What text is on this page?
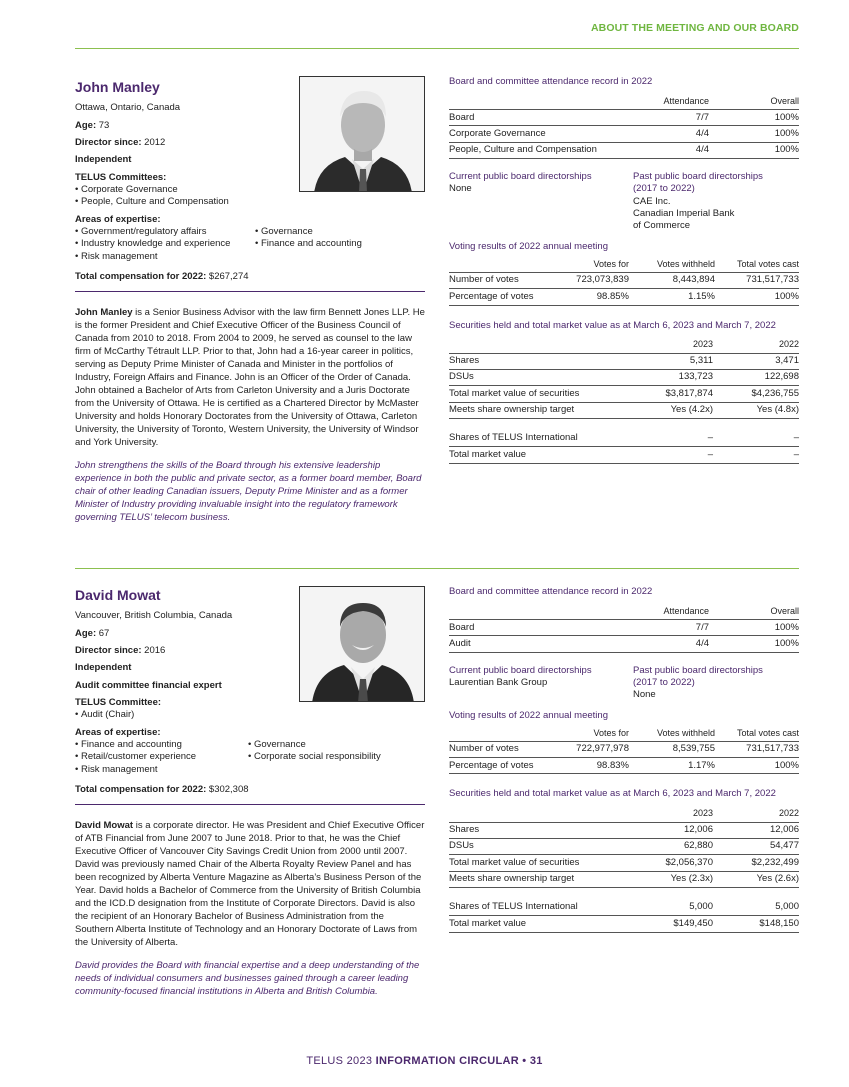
ABOUT THE MEETING AND OUR BOARD
John Manley

Ottawa, Ontario, Canada

Age: 73

Director since: 2012

Independent

TELUS Committees:

• Corporate Governance
• People, Culture and Compensation

Areas of expertise:

• Government/regulatory affairs
• Industry knowledge and experience
• Risk management
• Governance
• Finance and accounting

Total compensation for 2022: $267,274

John Manley is a Senior Business Advisor with the law firm Bennett Jones LLP. He is the former President and Chief Executive Officer of the Business Council of Canada from 2010 to 2018. From 2004 to 2009, he served as counsel to the law firm of McCarthy Tétrault LLP. Prior to that, John had a 16-year career in politics, serving as Deputy Prime Minister of Canada and Minister in the portfolios of Industry, Foreign Affairs and Finance. John is an Officer of the Order of Canada. John obtained a Bachelor of Arts from Carleton University and a Juris Doctorate from the University of Ottawa. He is certified as a Chartered Director by McMaster University and holds Honorary Doctorates from the University of Ottawa, Carleton University, the University of Toronto, Western University, the University of Windsor and York University.

John strengthens the skills of the Board through his extensive leadership experience in both the public and private sector, as a former board member, Board chair of other leading Canadian issuers, Deputy Prime Minister and as a former Minister of Industry providing invaluable insight into the regulatory framework governing TELUS’ telecom business.

Board and committee attendance record in 2022

	Attendance	Overall
Board	7/7	100%
Corporate Governance	4/4	100%
People, Culture and Compensation	4/4	100%

Current public board directorships

None

Past public board directorships

(2017 to 2022)

CAE Inc.

Canadian Imperial Bank

of Commerce

Voting results of 2022 annual meeting

	Votes for	Votes withheld	Total votes cast
Number of votes	723,073,839	8,443,894	731,517,733
Percentage of votes	98.85%	1.15%	100%

Securities held and total market value as at March 6, 2023 and March 7, 2022

	2023	2022
Shares	5,311	3,471
DSUs	133,723	122,698
Total market value of securities	$3,817,874	$4,236,755
Meets share ownership target	Yes (4.2x)	Yes (4.8x)
Shares of TELUS International	–	–
Total market value	–	–
David Mowat

Vancouver, British Columbia, Canada

Age: 67

Director since: 2016

Independent

Audit committee financial expert

TELUS Committee:

• Audit (Chair)

Areas of expertise:

• Finance and accounting
• Retail/customer experience
• Risk management
• Governance
• Corporate social responsibility

Total compensation for 2022: $302,308

David Mowat is a corporate director. He was President and Chief Executive Officer of ATB Financial from June 2007 to June 2018. Prior to that, he was the Chief Executive Officer of Vancouver City Savings Credit Union from 2000 until 2007. David was previously named Chair of the Alberta Royalty Review Panel and has been recognized by Alberta Venture Magazine as Alberta’s Business Person of the Year. David holds a Bachelor of Commerce from the University of British Columbia and the ICD.D designation from the Institute of Corporate Directors. David is also the recipient of an Honorary Bachelor of Business Administration from the Southern Alberta Institute of Technology and an Honorary Doctorate of Laws from the University of Alberta.

David provides the Board with financial expertise and a deep understanding of the needs of individual consumers and businesses gained through a career leading community-focused financial institutions in Alberta and British Columbia.

Board and committee attendance record in 2022

	Attendance	Overall
Board	7/7	100%
Audit	4/4	100%

Current public board directorships

Laurentian Bank Group

Past public board directorships

(2017 to 2022)

None

Voting results of 2022 annual meeting

	Votes for	Votes withheld	Total votes cast
Number of votes	722,977,978	8,539,755	731,517,733
Percentage of votes	98.83%	1.17%	100%

Securities held and total market value as at March 6, 2023 and March 7, 2022

	2023	2022
Shares	12,006	12,006
DSUs	62,880	54,477
Total market value of securities	$2,056,370	$2,232,499
Meets share ownership target	Yes (2.3x)	Yes (2.6x)
Shares of TELUS International	5,000	5,000
Total market value	$149,450	$148,150
TELUS 2023 INFORMATION CIRCULAR • 31
